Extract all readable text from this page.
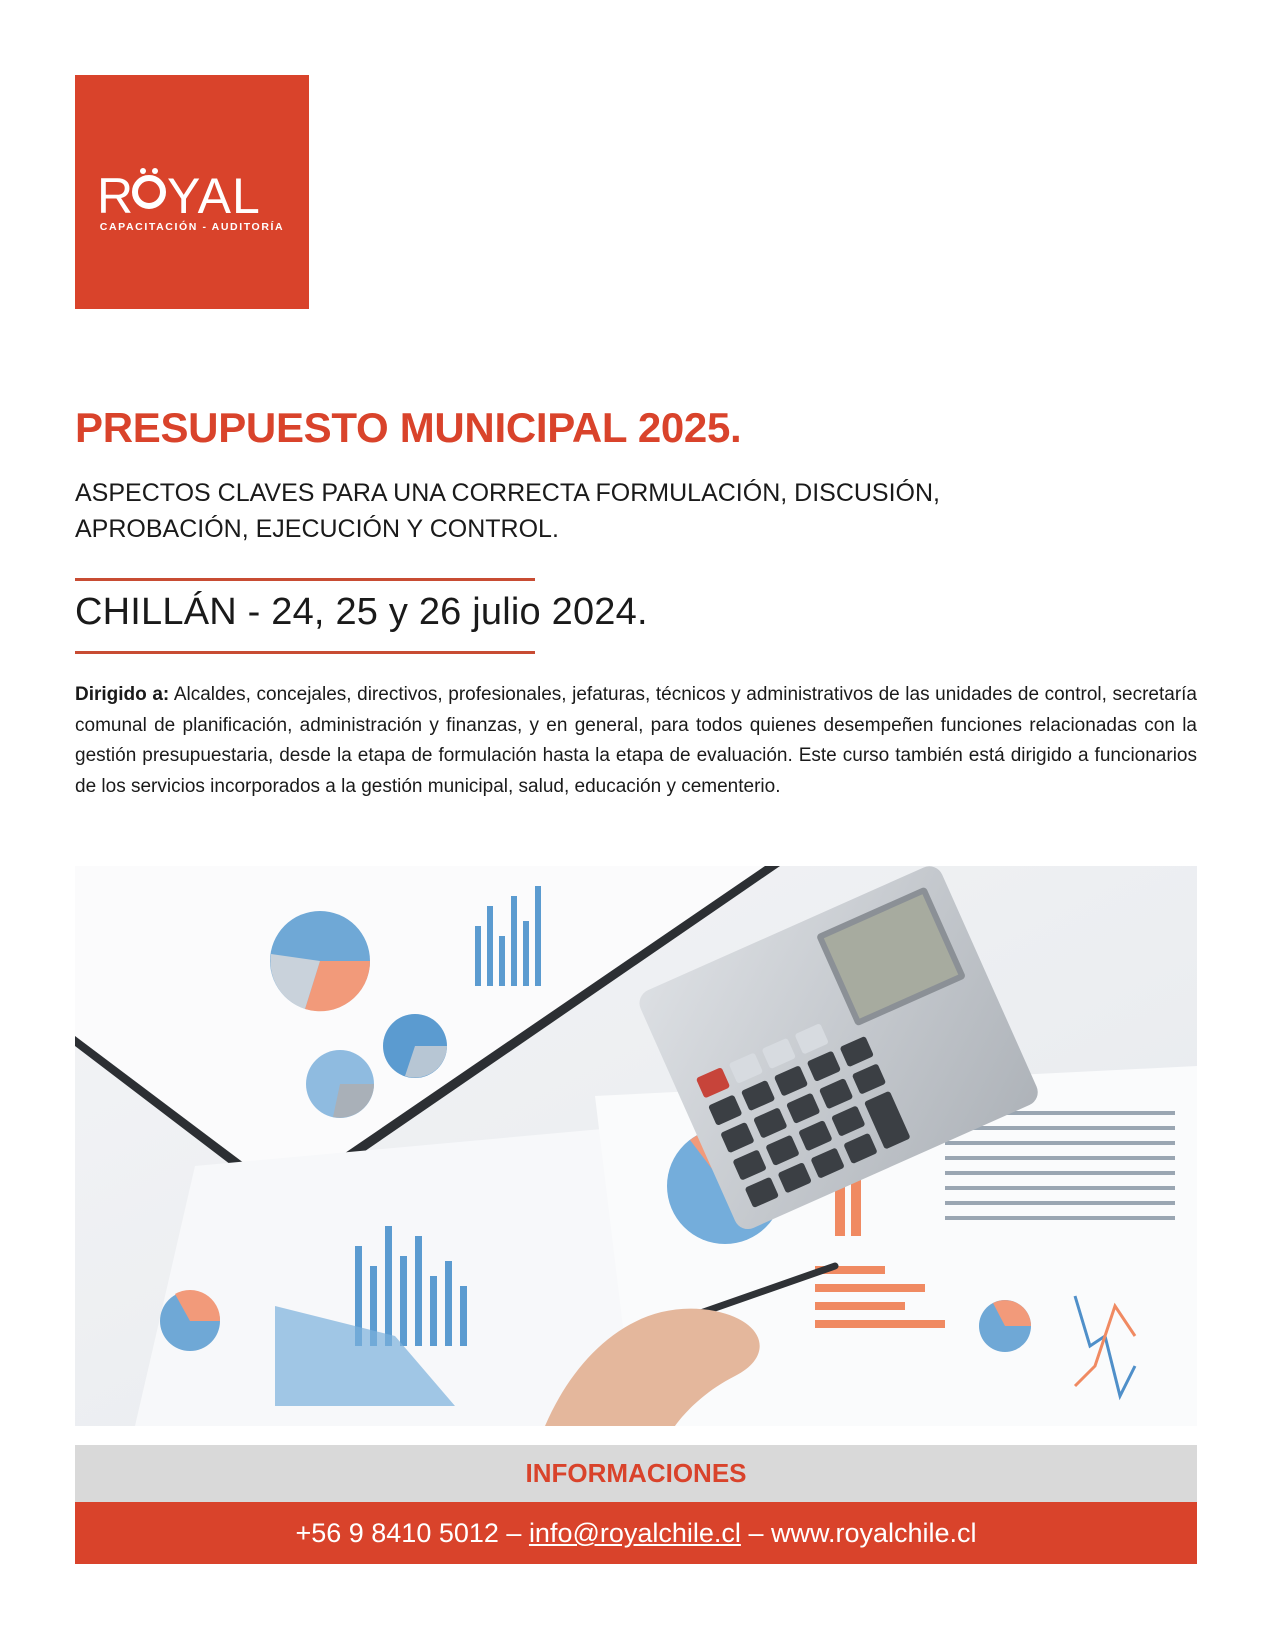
R YAL
CAPACITACIÓN - AUDITORÍA
PRESUPUESTO MUNICIPAL 2025.
ASPECTOS CLAVES PARA UNA CORRECTA FORMULACIÓN, DISCUSIÓN,
APROBACIÓN, EJECUCIÓN Y CONTROL.
CHILLÁN - 24, 25 y 26 julio 2024.
Dirigido a: Alcaldes, concejales, directivos, profesionales, jefaturas, técnicos y administrativos de las unidades de control, secretaría comunal de planificación, administración y finanzas, y en general, para todos quienes desempeñen funciones relacionadas con la gestión presupuestaria, desde la etapa de formulación hasta la etapa de evaluación. Este curso también está dirigido a funcionarios de los servicios incorporados a la gestión municipal, salud, educación y cementerio.
INFORMACIONES
+56 9 8410 5012 – info@royalchile.cl – www.royalchile.cl
